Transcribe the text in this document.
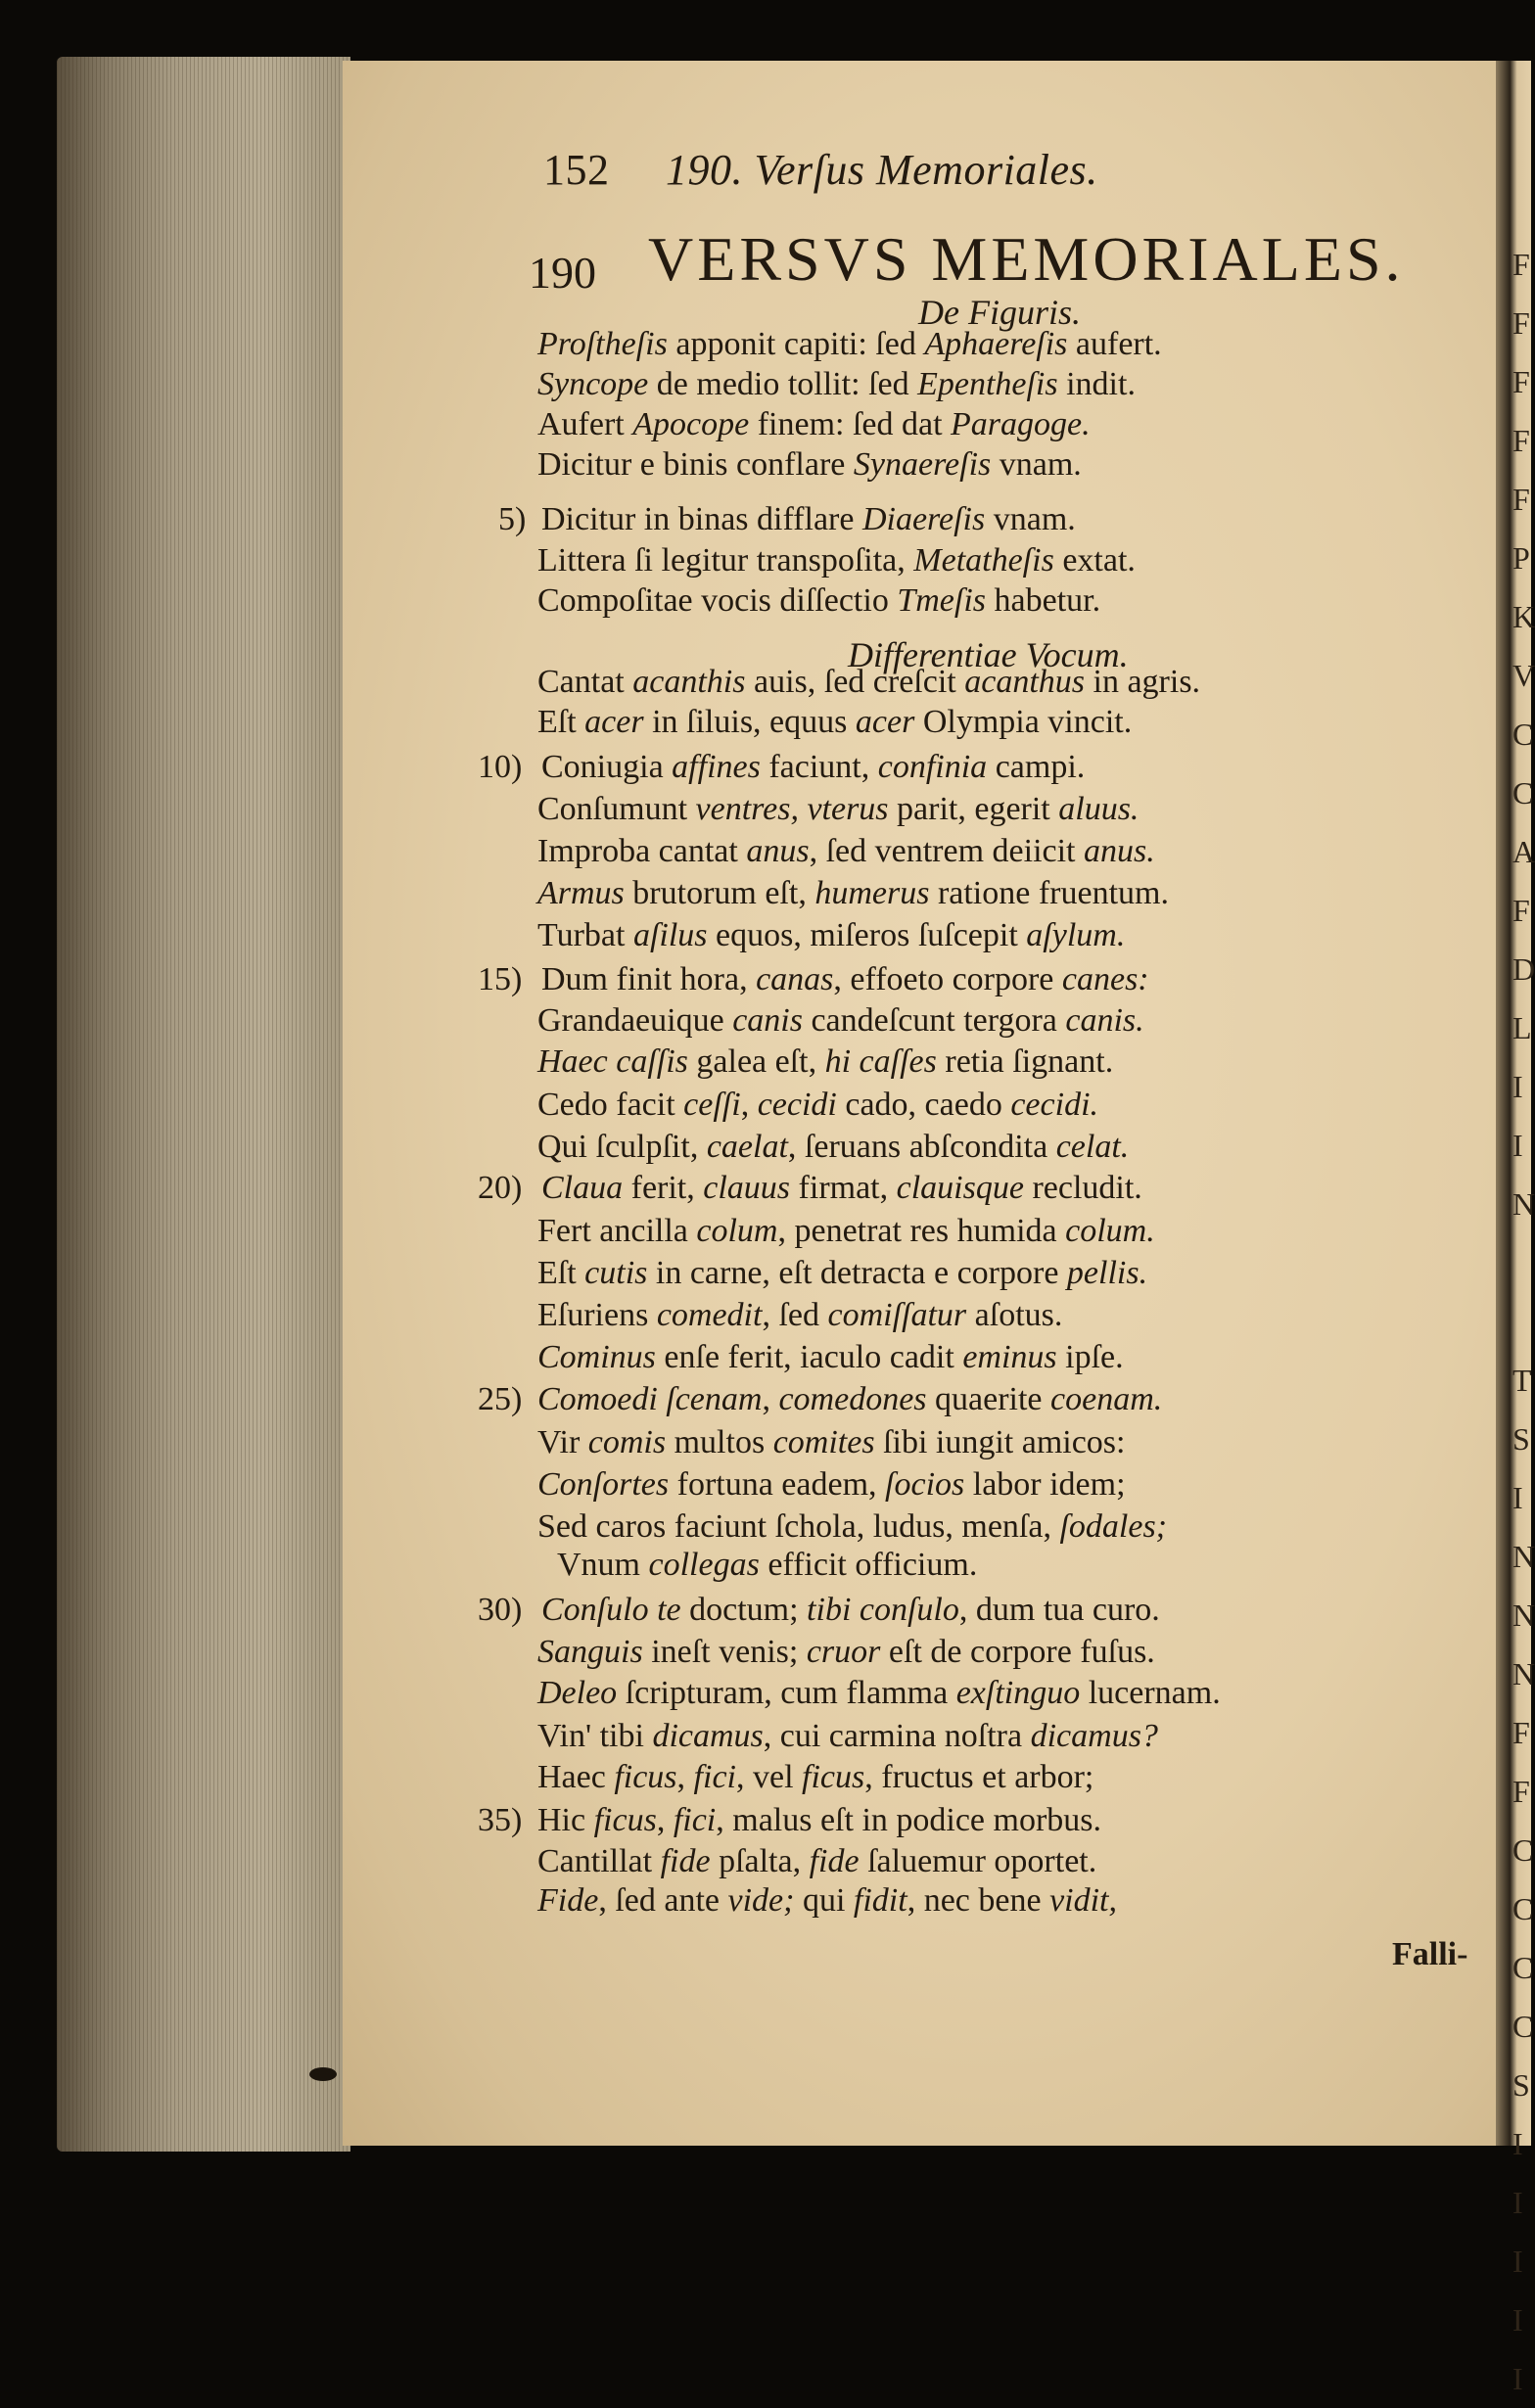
F
F
F
F
F
P
K
V
C
C
A
F
D
L
I
I
N

T
S
I
N
N
N
F
F
C
C
C
C
S
I
I
I
I
I
152 190. Verſus Memoriales.
190 VERSVS MEMORIALES.
De Figuris.
Differentiae Vocum.
Proſtheſis apponit capiti: ſed Aphaereſis aufert.
Syncope de medio tollit: ſed Epentheſis indit.
Aufert Apocope finem: ſed dat Paragoge.
Dicitur e binis conflare Synaereſis vnam.
Dicitur in binas difflare Diaereſis vnam.
Littera ſi legitur transpoſita, Metatheſis extat.
Compoſitae vocis diſſectio Tmeſis habetur.
Cantat acanthis auis, ſed creſcit acanthus in agris.
Eſt acer in ſiluis, equus acer Olympia vincit.
Coniugia affines faciunt, confinia campi.
Conſumunt ventres, vterus parit, egerit aluus.
Improba cantat anus, ſed ventrem deiicit anus.
Armus brutorum eſt, humerus ratione fruentum.
Turbat aſilus equos, miſeros ſuſcepit aſylum.
Dum finit hora, canas, effoeto corpore canes:
Grandaeuique canis candeſcunt tergora canis.
Haec caſſis galea eſt, hi caſſes retia ſignant.
Cedo facit ceſſi, cecidi cado, caedo cecidi.
Qui ſculpſit, caelat, ſeruans abſcondita celat.
Claua ferit, clauus firmat, clauisque recludit.
Fert ancilla colum, penetrat res humida colum.
Eſt cutis in carne, eſt detracta e corpore pellis.
Eſuriens comedit, ſed comiſſatur aſotus.
Cominus enſe ferit, iaculo cadit eminus ipſe.
Comoedi ſcenam, comedones quaerite coenam.
Vir comis multos comites ſibi iungit amicos:
Conſortes fortuna eadem, ſocios labor idem;
Sed caros faciunt ſchola, ludus, menſa, ſodales;
Vnum collegas efficit officium.
Conſulo te doctum; tibi conſulo, dum tua curo.
Sanguis ineſt venis; cruor eſt de corpore fuſus.
Deleo ſcripturam, cum flamma exſtinguo lucernam.
Vin' tibi dicamus, cui carmina noſtra dicamus?
Haec ficus, fici, vel ficus, fructus et arbor;
Hic ficus, fici, malus eſt in podice morbus.
Cantillat fide pſalta, fide ſaluemur oportet.
Fide, ſed ante vide; qui fidit, nec bene vidit,
5)
10)
15)
20)
25)
30)
35)
Falli-
